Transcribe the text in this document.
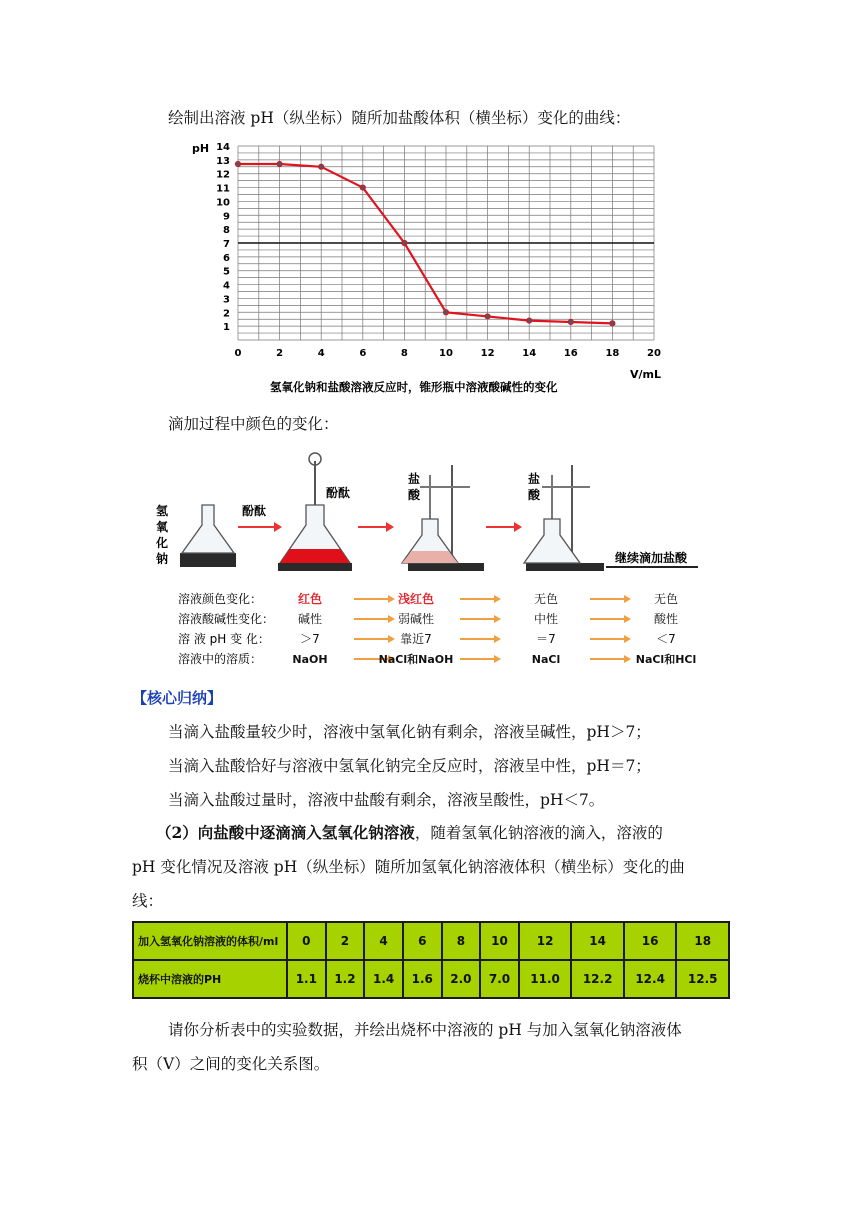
绘制出溶液 pH（纵坐标）随所加盐酸体积（横坐标）变化的曲线：
1
2
3
4
5
6
7
8
9
10
11
12
13
14
0	2	4	6	8	10	12	14	16	18	20
pH
V/mL
氢氧化钠和盐酸溶液反应时，锥形瓶中溶液酸碱性的变化
滴加过程中颜色的变化：
氢
氧
化
钠
酚酞
酚酞
盐
酸
盐
酸
继续滴加盐酸
溶液颜色变化：	红色	浅红色	无色	无色
溶液酸碱性变化： 碱性	弱碱性	中性	酸性
溶 液 pH 变 化：	＞7	靠近7	＝7	＜7
溶液中的溶质：	NaOH	NaCl和NaOH	NaCl	NaCl和HCl
【核心归纳】
当滴入盐酸量较少时，溶液中氢氧化钠有剩余，溶液呈碱性，pH＞7；
当滴入盐酸恰好与溶液中氢氧化钠完全反应时，溶液呈中性，pH＝7；
当滴入盐酸过量时，溶液中盐酸有剩余，溶液呈酸性，pH＜7。
（2）向盐酸中逐滴滴入氢氧化钠溶液，随着氢氧化钠溶液的滴入，溶液的
pH 变化情况及溶液 pH（纵坐标）随所加氢氧化钠溶液体积（横坐标）变化的曲
线：
加入氢氧化钠溶液的体积/ml	0	2	4	6	8	10	12	14	16	18
烧杯中溶液的PH	1.1	1.2	1.4	1.6	2.0	7.0	11.0	12.2	12.4	12.5
请你分析表中的实验数据，并绘出烧杯中溶液的 pH 与加入氢氧化钠溶液体
积（V）之间的变化关系图。
